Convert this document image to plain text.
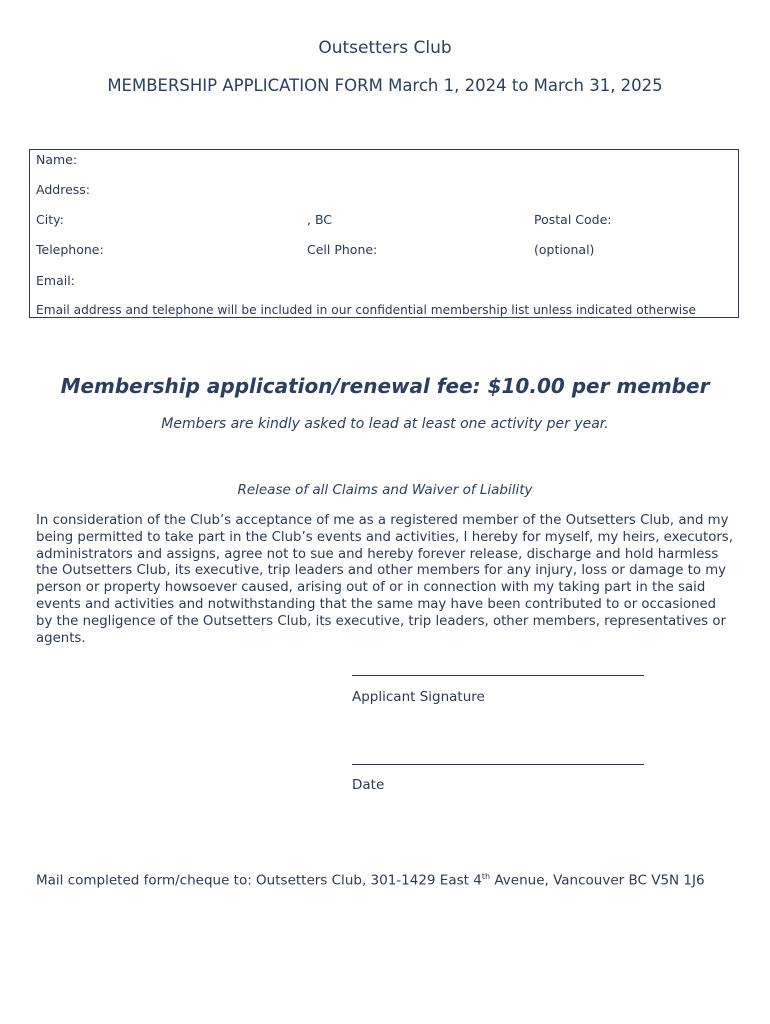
Outsetters Club
MEMBERSHIP APPLICATION FORM March 1, 2024 to March 31, 2025
Name:
Address:
City:	, BC	Postal Code:
Telephone:	Cell Phone:	(optional)
Email:
Email address and telephone will be included in our confidential membership list unless indicated otherwise
Membership application/renewal fee: $10.00 per member
Members are kindly asked to lead at least one activity per year.
Release of all Claims and Waiver of Liability
In consideration of the Club’s acceptance of me as a registered member of the Outsetters Club, and my being permitted to take part in the Club’s events and activities, I hereby for myself, my heirs, executors, administrators and assigns, agree not to sue and hereby forever release, discharge and hold harmless the Outsetters Club, its executive, trip leaders and other members for any injury, loss or damage to my person or property howsoever caused, arising out of or in connection with my taking part in the said events and activities and notwithstanding that the same may have been contributed to or occasioned by the negligence of the Outsetters Club, its executive, trip leaders, other members, representatives or agents.
Applicant Signature
Date
Mail completed form/cheque to: Outsetters Club, 301-1429 East 4th Avenue, Vancouver BC V5N 1J6
